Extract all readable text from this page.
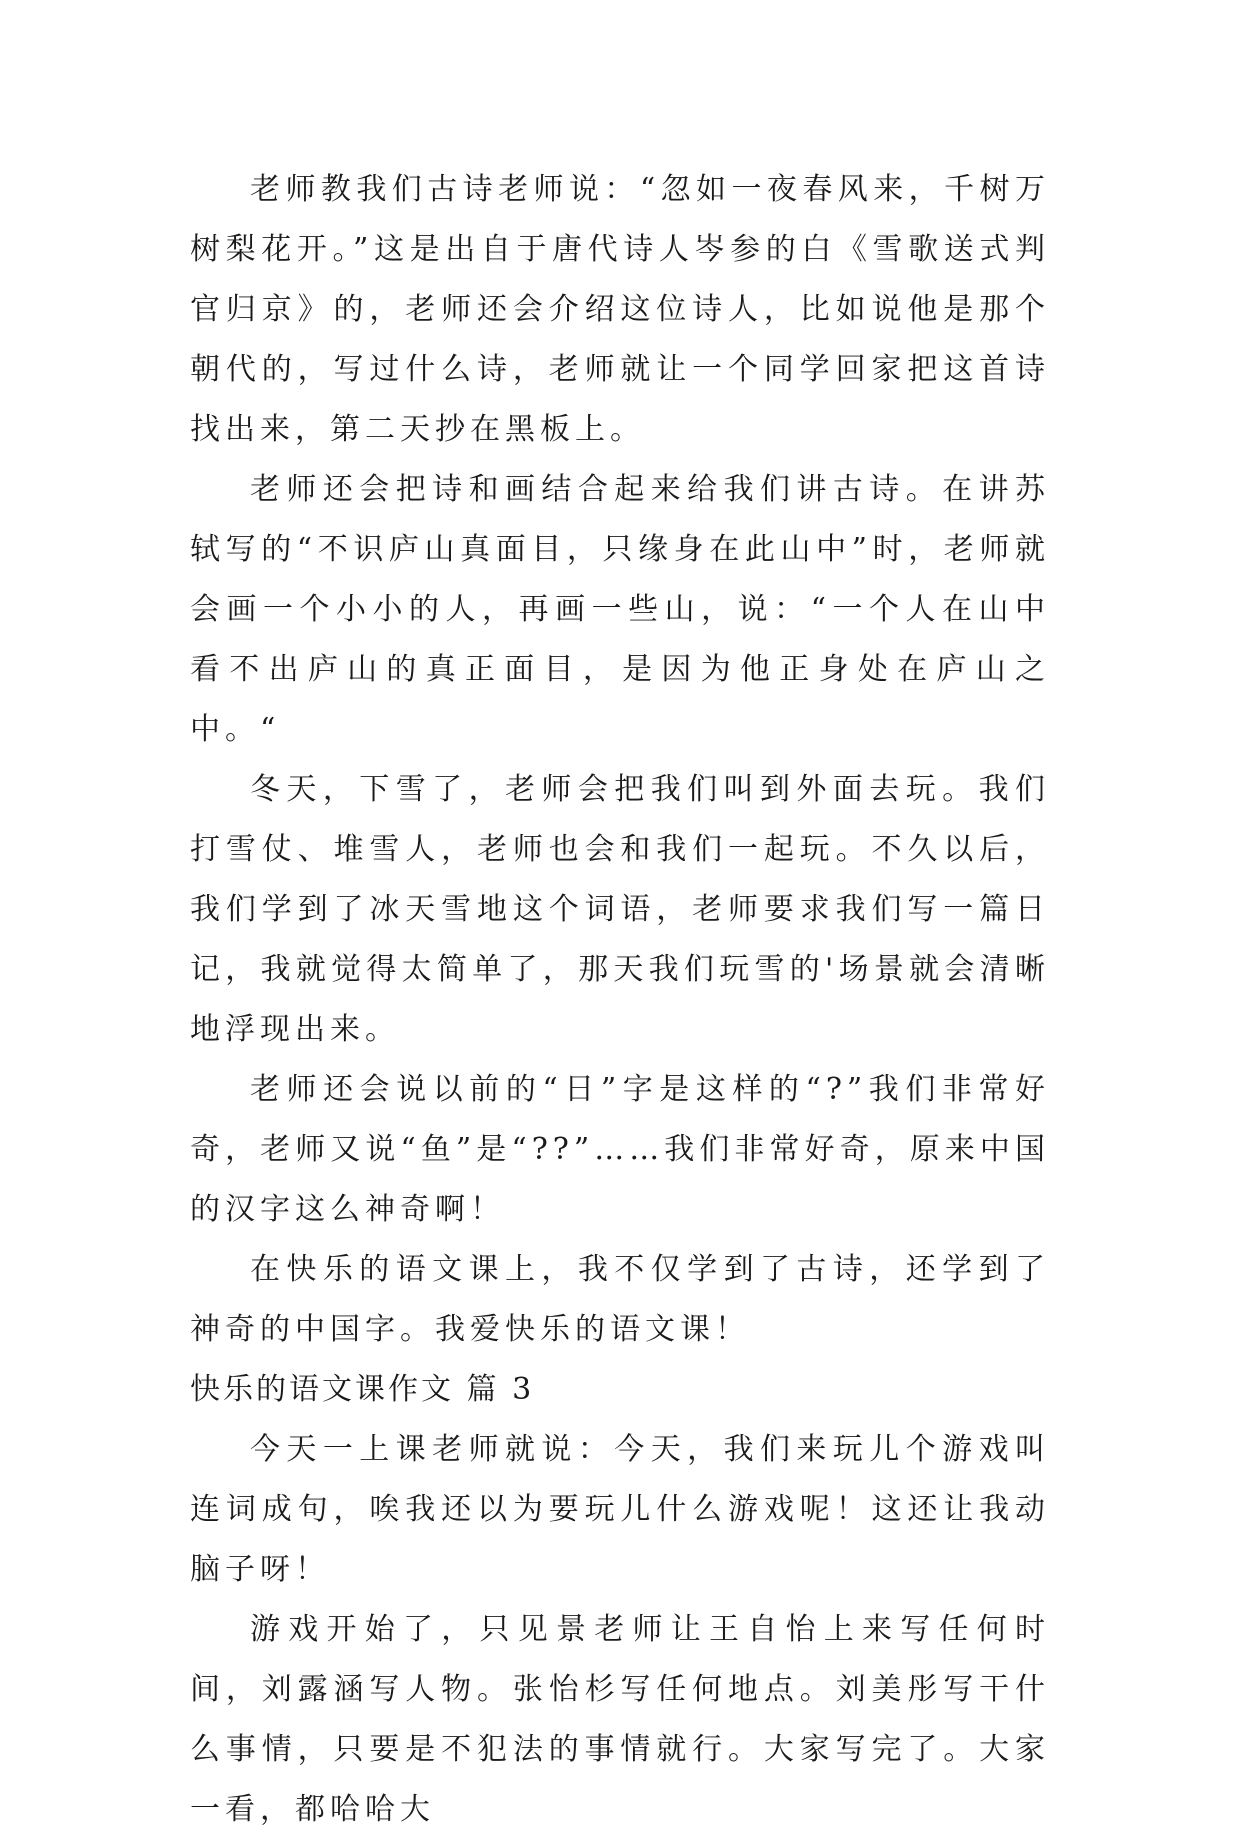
老师教我们古诗老师说：“忽如一夜春风来，千树万树梨花开。”这是出自于唐代诗人岑参的白《雪歌送式判官归京》的，老师还会介绍这位诗人，比如说他是那个朝代的，写过什么诗，老师就让一个同学回家把这首诗找出来，第二天抄在黑板上。

老师还会把诗和画结合起来给我们讲古诗。在讲苏轼写的“不识庐山真面目，只缘身在此山中”时，老师就会画一个小小的人，再画一些山，说：“一个人在山中看不出庐山的真正面目，是因为他正身处在庐山之中。“

冬天，下雪了，老师会把我们叫到外面去玩。我们打雪仗、堆雪人，老师也会和我们一起玩。不久以后，我们学到了冰天雪地这个词语，老师要求我们写一篇日记，我就觉得太简单了，那天我们玩雪的'场景就会清晰地浮现出来。

老师还会说以前的“日”字是这样的“?”我们非常好奇，老师又说“鱼”是“??”……我们非常好奇，原来中国的汉字这么神奇啊！

在快乐的语文课上，我不仅学到了古诗，还学到了神奇的中国字。我爱快乐的语文课！

快乐的语文课作文 篇 3

今天一上课老师就说：今天，我们来玩儿个游戏叫连词成句，唉我还以为要玩儿什么游戏呢！这还让我动脑子呀！

游戏开始了，只见景老师让王自怡上来写任何时间，刘露涵写人物。张怡杉写任何地点。刘美彤写干什么事情，只要是不犯法的事情就行。大家写完了。大家一看，都哈哈大
